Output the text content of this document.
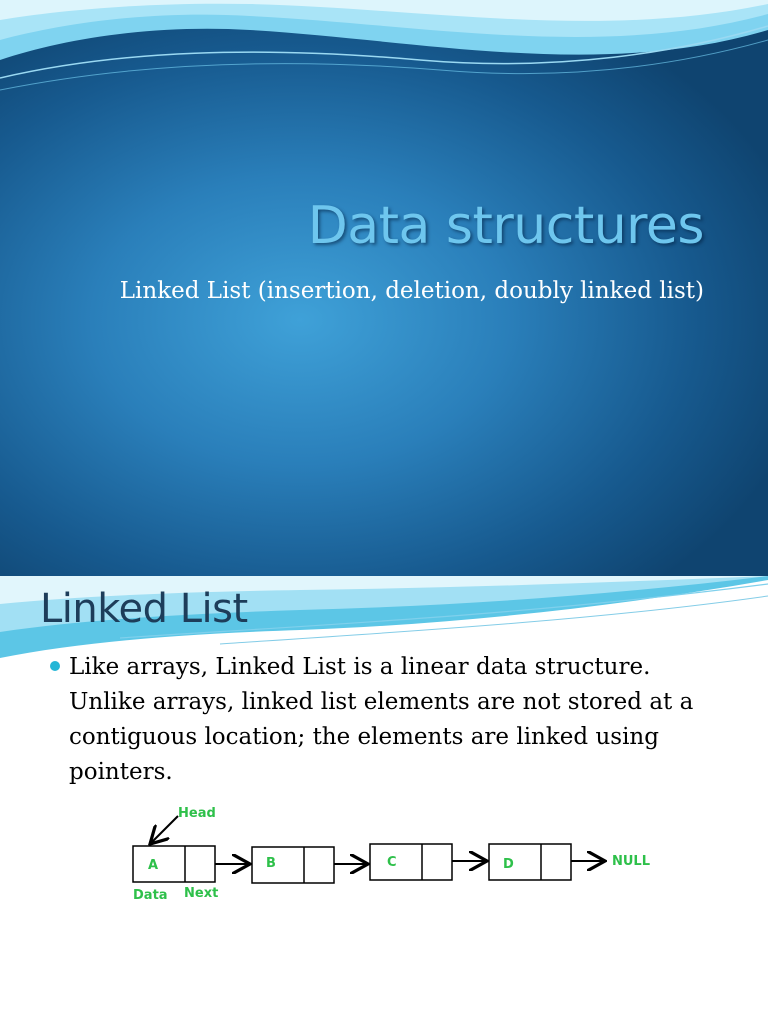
Data structures
Linked List (insertion, deletion, doubly linked list)
Linked List
Like arrays, Linked List is a linear data structure. Unlike arrays, linked list elements are not stored at a contiguous location; the elements are linked using pointers.
Head
A	B	C	D	NULL
Data Next
